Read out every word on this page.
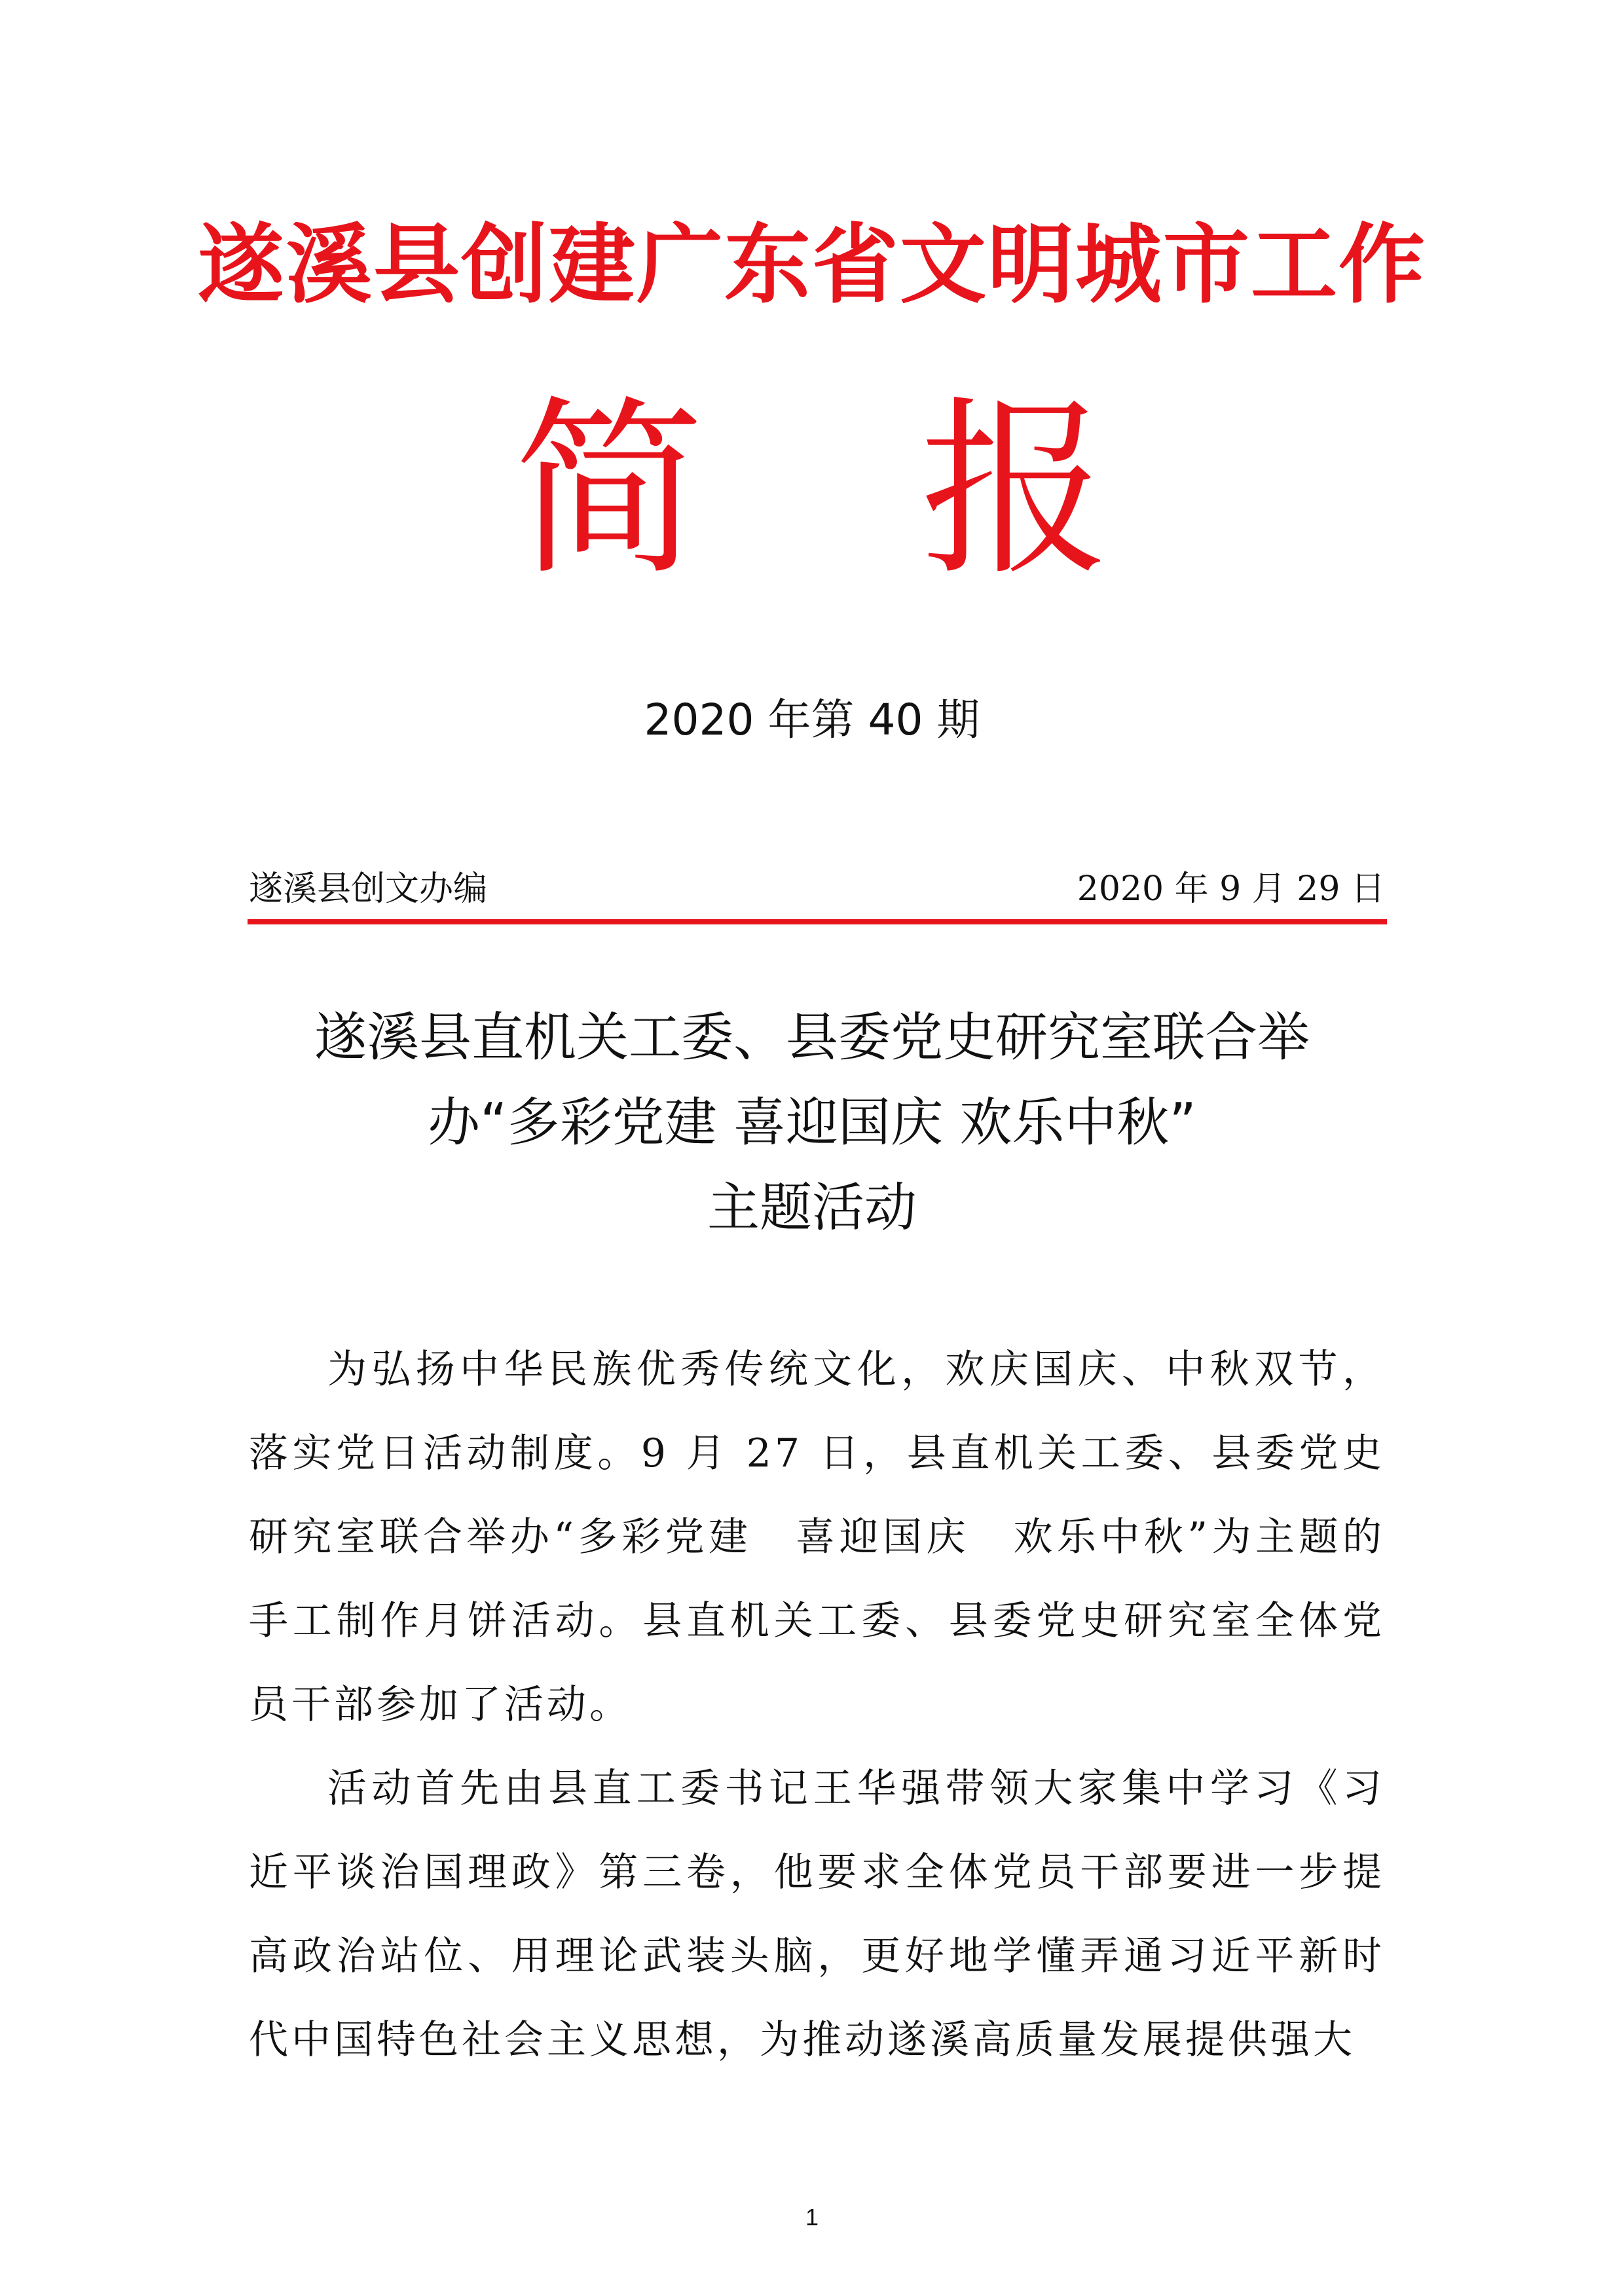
遂溪县创建广东省文明城市工作
简 报
2020 年第 40 期
遂溪县创文办编	2020 年 9 月 29 日
遂溪县直机关工委、县委党史研究室联合举
办“多彩党建 喜迎国庆 欢乐中秋”
主题活动

为弘扬中华民族优秀传统文化，欢庆国庆、中秋双节，落实党日活动制度。9 月 27 日，县直机关工委、县委党史研究室联合举办“多彩党建　喜迎国庆　欢乐中秋”为主题的手工制作月饼活动。县直机关工委、县委党史研究室全体党员干部参加了活动。

活动首先由县直工委书记王华强带领大家集中学习《习近平谈治国理政》第三卷，他要求全体党员干部要进一步提高政治站位、用理论武装头脑，更好地学懂弄通习近平新时代中国特色社会主义思想，为推动遂溪高质量发展提供强大

1
